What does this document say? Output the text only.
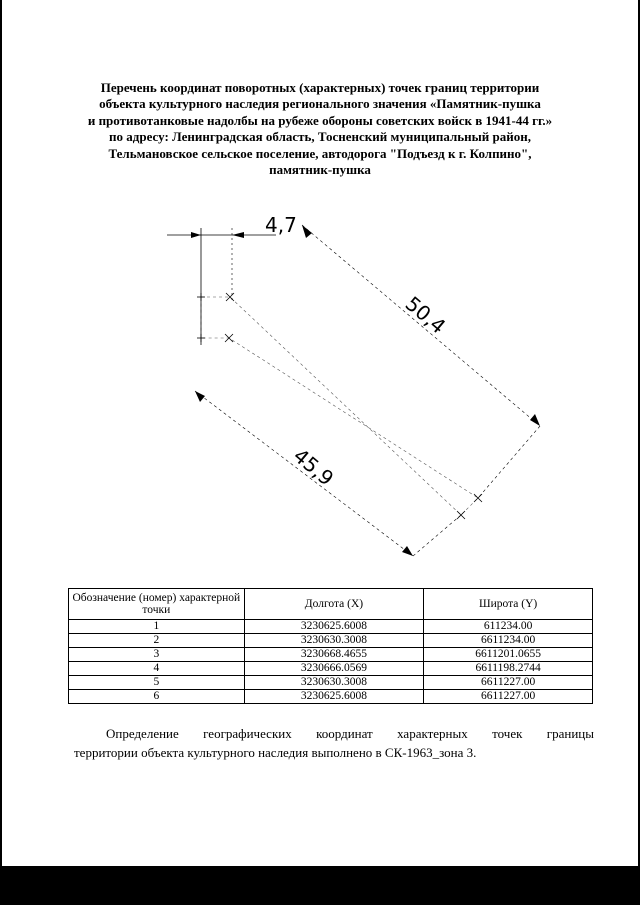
Перечень координат поворотных (характерных) точек границ территории
объекта культурного наследия регионального значения «Памятник-пушка
и противотанковые надолбы на рубеже обороны советских войск в 1941-44 гг.»
по адресу: Ленинградская область, Тосненский муниципальный район,
Тельмановское сельское поселение, автодорога "Подъезд к г. Колпино",
памятник-пушка
4,7
50,4
45,9
Обозначение (номер) характерной точки	Долгота (X)	Широта (Y)
1	3230625.6008	611234.00
2	3230630.3008	6611234.00
3	3230668.4655	6611201.0655
4	3230666.0569	6611198.2744
5	3230630.3008	6611227.00
6	3230625.6008	6611227.00
Определение географических координат характерных точек границы
территории объекта культурного наследия выполнено в СК-1963_зона 3.
